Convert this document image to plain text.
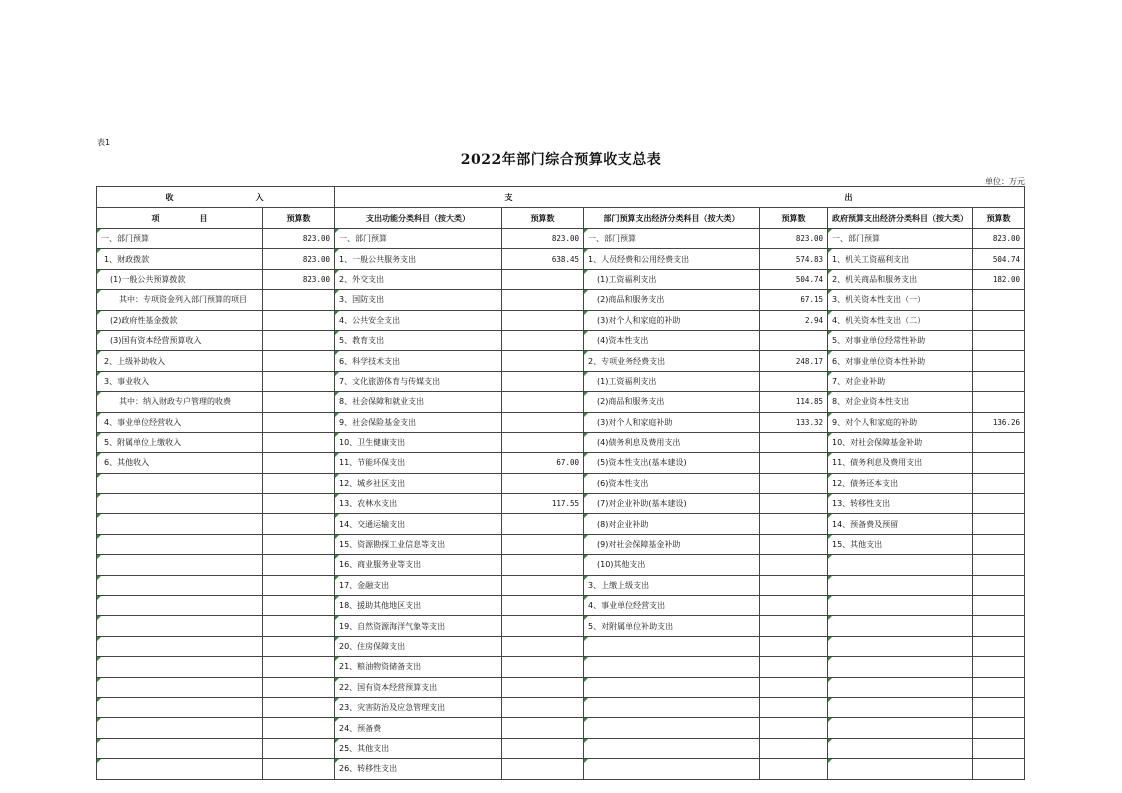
表1
2022年部门综合预算收支总表
单位：万元
收 入		支 出					
项 目	预算数	支出功能分类科目（按大类）	预算数	部门预算支出经济分类科目（按大类）	预算数	政府预算支出经济分类科目（按大类）	预算数
一、部门预算	823.00	一、部门预算	823.00	一、部门预算	823.00	一、部门预算	823.00
1、财政拨款	823.00	1、一般公共服务支出	638.45	1、人员经费和公用经费支出	574.83	1、机关工资福利支出	504.74
(1)一般公共预算拨款	823.00	2、外交支出		(1)工资福利支出	504.74	2、机关商品和服务支出	182.00
其中：专项资金列入部门预算的项目		3、国防支出		(2)商品和服务支出	67.15	3、机关资本性支出（一）	
(2)政府性基金拨款		4、公共安全支出		(3)对个人和家庭的补助	2.94	4、机关资本性支出（二）	
(3)国有资本经营预算收入		5、教育支出		(4)资本性支出		5、对事业单位经常性补助	
2、上级补助收入		6、科学技术支出		2、专项业务经费支出	248.17	6、对事业单位资本性补助	
3、事业收入		7、文化旅游体育与传媒支出		(1)工资福利支出		7、对企业补助	
其中：纳入财政专户管理的收费		8、社会保障和就业支出		(2)商品和服务支出	114.85	8、对企业资本性支出	
4、事业单位经营收入		9、社会保险基金支出		(3)对个人和家庭补助	133.32	9、对个人和家庭的补助	136.26
5、附属单位上缴收入		10、卫生健康支出		(4)债务利息及费用支出		10、对社会保障基金补助	
6、其他收入		11、节能环保支出	67.00	(5)资本性支出(基本建设)		11、债务利息及费用支出	
		12、城乡社区支出		(6)资本性支出		12、债务还本支出	
		13、农林水支出	117.55	(7)对企业补助(基本建设)		13、转移性支出	
		14、交通运输支出		(8)对企业补助		14、预备费及预留	
		15、资源勘探工业信息等支出		(9)对社会保障基金补助		15、其他支出	
		16、商业服务业等支出		(10)其他支出			
		17、金融支出		3、上缴上级支出			
		18、援助其他地区支出		4、事业单位经营支出			
		19、自然资源海洋气象等支出		5、对附属单位补助支出			
		20、住房保障支出					
		21、粮油物资储备支出					
		22、国有资本经营预算支出					
		23、灾害防治及应急管理支出					
		24、预备费					
		25、其他支出					
		26、转移性支出					
